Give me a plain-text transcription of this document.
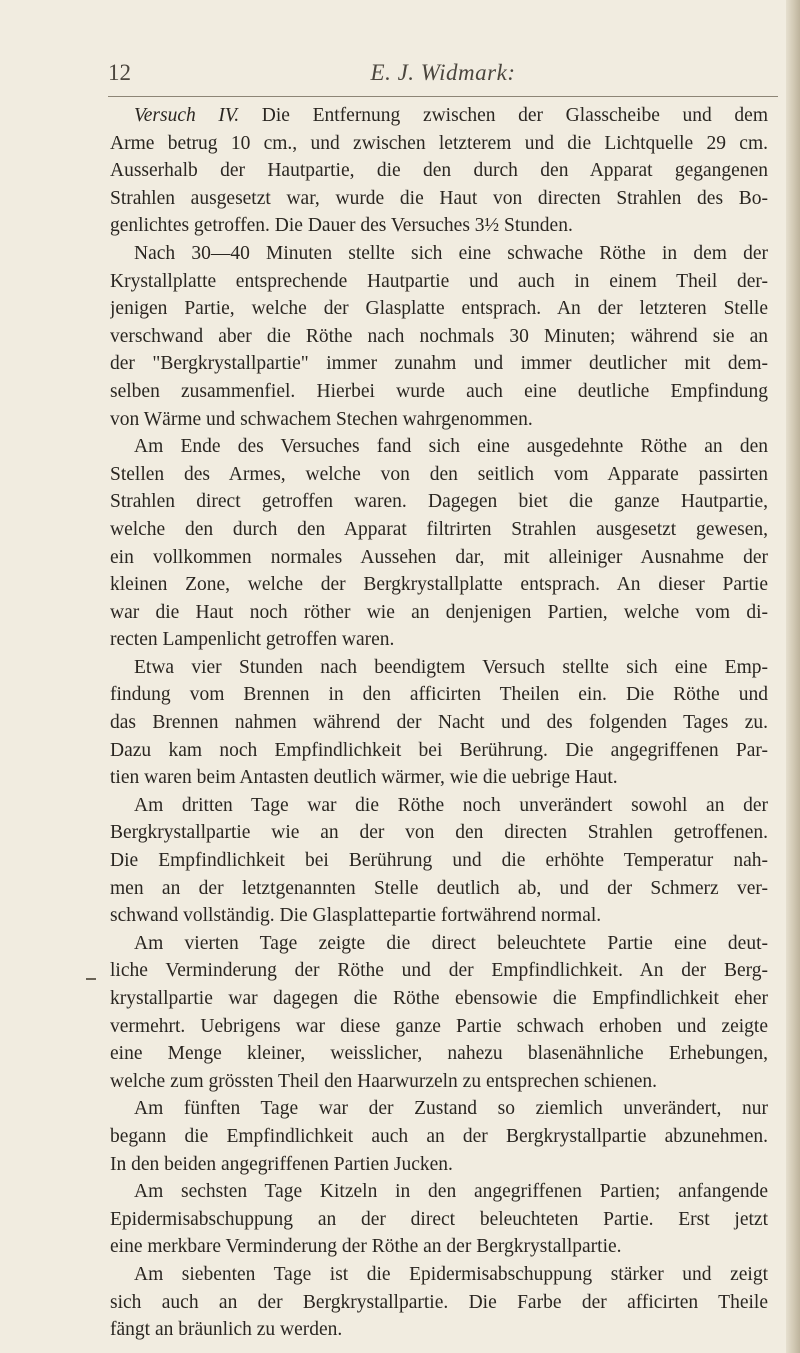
12	E. J. Widmark:
Versuch IV. Die Entfernung zwischen der Glasscheibe und dem
Arme betrug 10 cm., und zwischen letzterem und die Lichtquelle 29 cm.
Ausserhalb der Hautpartie, die den durch den Apparat gegangenen
Strahlen ausgesetzt war, wurde die Haut von directen Strahlen des Bo-
genlichtes getroffen. Die Dauer des Versuches 3½ Stunden.
Nach 30—40 Minuten stellte sich eine schwache Röthe in dem der
Krystallplatte entsprechende Hautpartie und auch in einem Theil der-
jenigen Partie, welche der Glasplatte entsprach. An der letzteren Stelle
verschwand aber die Röthe nach nochmals 30 Minuten; während sie an
der "Bergkrystallpartie" immer zunahm und immer deutlicher mit dem-
selben zusammenfiel. Hierbei wurde auch eine deutliche Empfindung
von Wärme und schwachem Stechen wahrgenommen.
Am Ende des Versuches fand sich eine ausgedehnte Röthe an den
Stellen des Armes, welche von den seitlich vom Apparate passirten
Strahlen direct getroffen waren. Dagegen biet die ganze Hautpartie,
welche den durch den Apparat filtrirten Strahlen ausgesetzt gewesen,
ein vollkommen normales Aussehen dar, mit alleiniger Ausnahme der
kleinen Zone, welche der Bergkrystallplatte entsprach. An dieser Partie
war die Haut noch röther wie an denjenigen Partien, welche vom di-
recten Lampenlicht getroffen waren.
Etwa vier Stunden nach beendigtem Versuch stellte sich eine Emp-
findung vom Brennen in den afficirten Theilen ein. Die Röthe und
das Brennen nahmen während der Nacht und des folgenden Tages zu.
Dazu kam noch Empfindlichkeit bei Berührung. Die angegriffenen Par-
tien waren beim Antasten deutlich wärmer, wie die uebrige Haut.
Am dritten Tage war die Röthe noch unverändert sowohl an der
Bergkrystallpartie wie an der von den directen Strahlen getroffenen.
Die Empfindlichkeit bei Berührung und die erhöhte Temperatur nah-
men an der letztgenannten Stelle deutlich ab, und der Schmerz ver-
schwand vollständig. Die Glasplattepartie fortwährend normal.
Am vierten Tage zeigte die direct beleuchtete Partie eine deut-
liche Verminderung der Röthe und der Empfindlichkeit. An der Berg-
krystallpartie war dagegen die Röthe ebensowie die Empfindlichkeit eher
vermehrt. Uebrigens war diese ganze Partie schwach erhoben und zeigte
eine Menge kleiner, weisslicher, nahezu blasenähnliche Erhebungen,
welche zum grössten Theil den Haarwurzeln zu entsprechen schienen.
Am fünften Tage war der Zustand so ziemlich unverändert, nur
begann die Empfindlichkeit auch an der Bergkrystallpartie abzunehmen.
In den beiden angegriffenen Partien Jucken.
Am sechsten Tage Kitzeln in den angegriffenen Partien; anfangende
Epidermisabschuppung an der direct beleuchteten Partie. Erst jetzt
eine merkbare Verminderung der Röthe an der Bergkrystallpartie.
Am siebenten Tage ist die Epidermisabschuppung stärker und zeigt
sich auch an der Bergkrystallpartie. Die Farbe der afficirten Theile
fängt an bräunlich zu werden.
